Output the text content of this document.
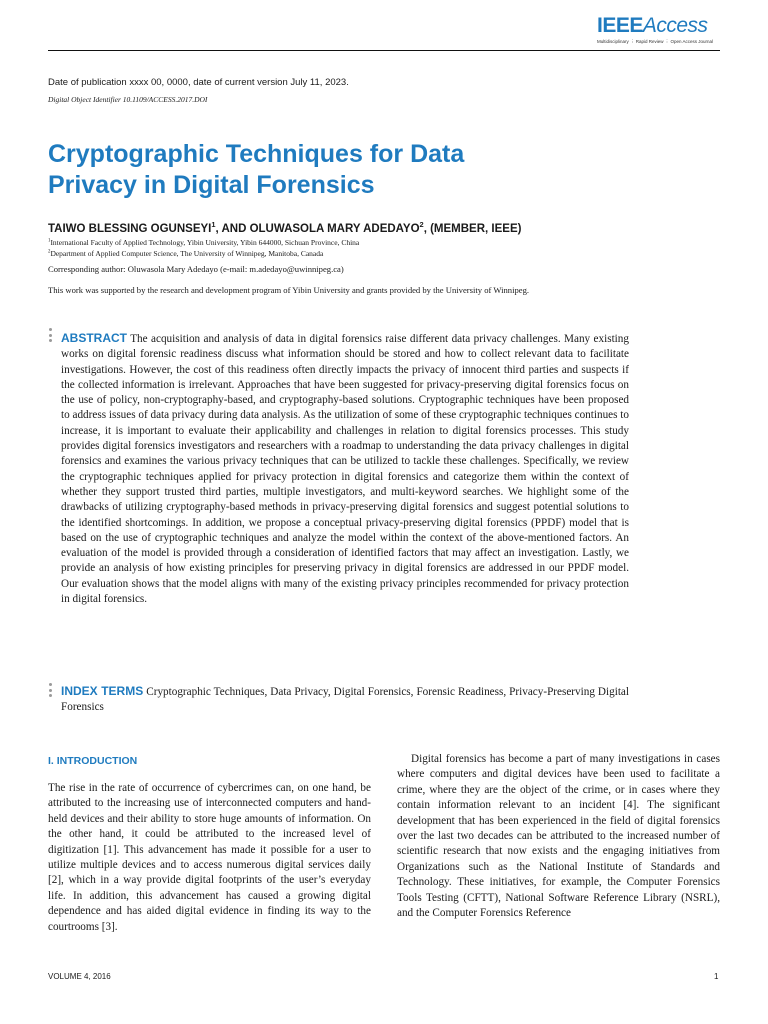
IEEEAccess
Multidisciplinary ⋮ Rapid Review ⋮ Open Access Journal
Date of publication xxxx 00, 0000, date of current version July 11, 2023.
Digital Object Identifier 10.1109/ACCESS.2017.DOI
Cryptographic Techniques for Data
Privacy in Digital Forensics
TAIWO BLESSING OGUNSEYI$^1$, AND OLUWASOLA MARY ADEDAYO$^2$, (MEMBER, IEEE)
$^1$International Faculty of Applied Technology, Yibin University, Yibin 644000, Sichuan Province, China
$^2$Department of Applied Computer Science, The University of Winnipeg, Manitoba, Canada
Corresponding author: Oluwasola Mary Adedayo (e-mail: m.adedayo@uwinnipeg.ca)
This work was supported by the research and development program of Yibin University and grants provided by the University of Winnipeg.
ABSTRACT The acquisition and analysis of data in digital forensics raise different data privacy challenges. Many existing works on digital forensic readiness discuss what information should be stored and how to collect relevant data to facilitate investigations. However, the cost of this readiness often directly impacts the privacy of innocent third parties and suspects if the collected information is irrelevant. Approaches that have been suggested for privacy-preserving digital forensics focus on the use of policy, non-cryptography-based, and cryptography-based solutions. Cryptographic techniques have been proposed to address issues of data privacy during data analysis. As the utilization of some of these cryptographic techniques continues to increase, it is important to evaluate their applicability and challenges in relation to digital forensics processes. This study provides digital forensics investigators and researchers with a roadmap to understanding the data privacy challenges in digital forensics and examines the various privacy techniques that can be utilized to tackle these challenges. Specifically, we review the cryptographic techniques applied for privacy protection in digital forensics and categorize them within the context of whether they support trusted third parties, multiple investigators, and multi-keyword searches. We highlight some of the drawbacks of utilizing cryptography-based methods in privacy-preserving digital forensics and suggest potential solutions to the identified shortcomings. In addition, we propose a conceptual privacy-preserving digital forensics (PPDF) model that is based on the use of cryptographic techniques and analyze the model within the context of the above-mentioned factors. An evaluation of the model is provided through a consideration of identified factors that may affect an investigation. Lastly, we provide an analysis of how existing principles for preserving privacy in digital forensics are addressed in our PPDF model. Our evaluation shows that the model aligns with many of the existing privacy principles recommended for privacy protection in digital forensics.
INDEX TERMS Cryptographic Techniques, Data Privacy, Digital Forensics, Forensic Readiness, Privacy-Preserving Digital Forensics
I. INTRODUCTION

The rise in the rate of occurrence of cybercrimes can, on one hand, be attributed to the increasing use of interconnected computers and hand-held devices and their ability to store huge amounts of information. On the other hand, it could be attributed to the increased level of digitization [1]. This advancement has made it possible for a user to utilize multiple devices and to access numerous digital services daily [2], which in a way provide digital footprints of the user’s everyday life. In addition, this advancement has caused a growing digital dependence and has aided digital evidence in finding its way to the courtrooms [3].

Digital forensics has become a part of many investigations in cases where computers and digital devices have been used to facilitate a crime, where they are the object of the crime, or in cases where they contain information relevant to an incident [4]. The significant development that has been experienced in the field of digital forensics over the last two decades can be attributed to the increased number of scientific research that now exists and the engaging initiatives from Organizations such as the National Institute of Standards and Technology. These initiatives, for example, the Computer Forensics Tools Testing (CFTT), National Software Reference Library (NSRL), and the Computer Forensics Reference

VOLUME 4, 2016	1
